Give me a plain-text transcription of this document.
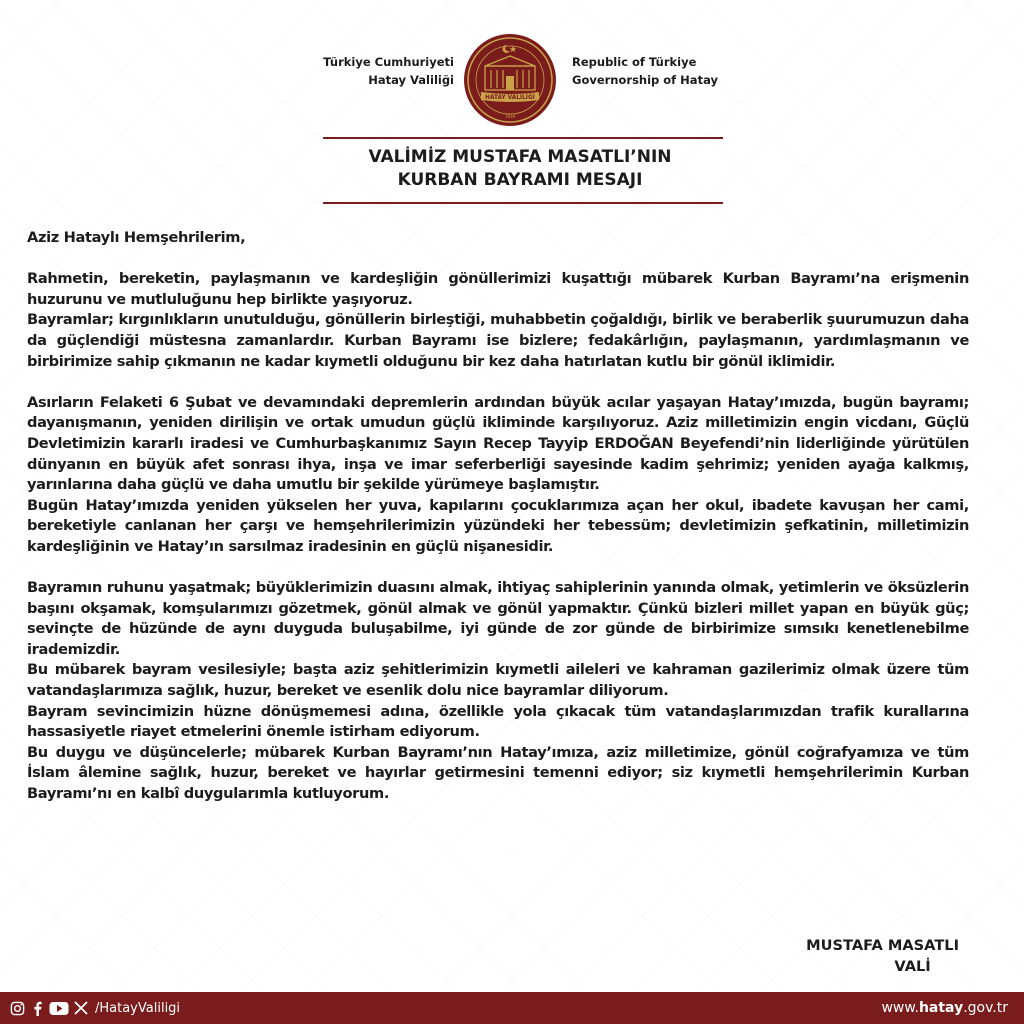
Türkiye Cumhuriyeti
Hatay Valiliği
HATAY VALİLİĞİ
1939
Republic of Türkiye
Governorship of Hatay
VALİMİZ MUSTAFA MASATLI’NIN
KURBAN BAYRAMI MESAJI

Aziz Hataylı Hemşehrilerim,

Rahmetin, bereketin, paylaşmanın ve kardeşliğin gönüllerimizi kuşattığı mübarek Kurban Bayramı’na erişmenin huzurunu ve mutluluğunu hep birlikte yaşıyoruz.

Bayramlar; kırgınlıkların unutulduğu, gönüllerin birleştiği, muhabbetin çoğaldığı, birlik ve beraberlik şuurumuzun daha da güçlendiği müstesna zamanlardır. Kurban Bayramı ise bizlere; fedakârlığın, paylaşmanın, yardımlaşmanın ve birbirimize sahip çıkmanın ne kadar kıymetli olduğunu bir kez daha hatırlatan kutlu bir gönül iklimidir.

Asırların Felaketi 6 Şubat ve devamındaki depremlerin ardından büyük acılar yaşayan Hatay’ımızda, bugün bayramı; dayanışmanın, yeniden dirilişin ve ortak umudun güçlü ikliminde karşılıyoruz. Aziz milletimizin engin vicdanı, Güçlü Devletimizin kararlı iradesi ve Cumhurbaşkanımız Sayın Recep Tayyip ERDOĞAN Beyefendi’nin liderliğinde yürütülen dünyanın en büyük afet sonrası ihya, inşa ve imar seferberliği sayesinde kadim şehrimiz; yeniden ayağa kalkmış, yarınlarına daha güçlü ve daha umutlu bir şekilde yürümeye başlamıştır.

Bugün Hatay’ımızda yeniden yükselen her yuva, kapılarını çocuklarımıza açan her okul, ibadete kavuşan her cami, bereketiyle canlanan her çarşı ve hemşehrilerimizin yüzündeki her tebessüm; devletimizin şefkatinin, milletimizin kardeşliğinin ve Hatay’ın sarsılmaz iradesinin en güçlü nişanesidir.

Bayramın ruhunu yaşatmak; büyüklerimizin duasını almak, ihtiyaç sahiplerinin yanında olmak, yetimlerin ve öksüzlerin başını okşamak, komşularımızı gözetmek, gönül almak ve gönül yapmaktır. Çünkü bizleri millet yapan en büyük güç; sevinçte de hüzünde de aynı duyguda buluşabilme, iyi günde de zor günde de birbirimize sımsıkı kenetlenebilme irademizdir.

Bu mübarek bayram vesilesiyle; başta aziz şehitlerimizin kıymetli aileleri ve kahraman gazilerimiz olmak üzere tüm vatandaşlarımıza sağlık, huzur, bereket ve esenlik dolu nice bayramlar diliyorum.

Bayram sevincimizin hüzne dönüşmemesi adına, özellikle yola çıkacak tüm vatandaşlarımızdan trafik kurallarına hassasiyetle riayet etmelerini önemle istirham ediyorum.

Bu duygu ve düşüncelerle; mübarek Kurban Bayramı’nın Hatay’ımıza, aziz milletimize, gönül coğrafyamıza ve tüm İslam âlemine sağlık, huzur, bereket ve hayırlar getirmesini temenni ediyor; siz kıymetli hemşehrilerimin Kurban Bayramı’nı en kalbî duygularımla kutluyorum.

MUSTAFA MASATLI
VALİ
/HatayValiligi	www.hatay.gov.tr
